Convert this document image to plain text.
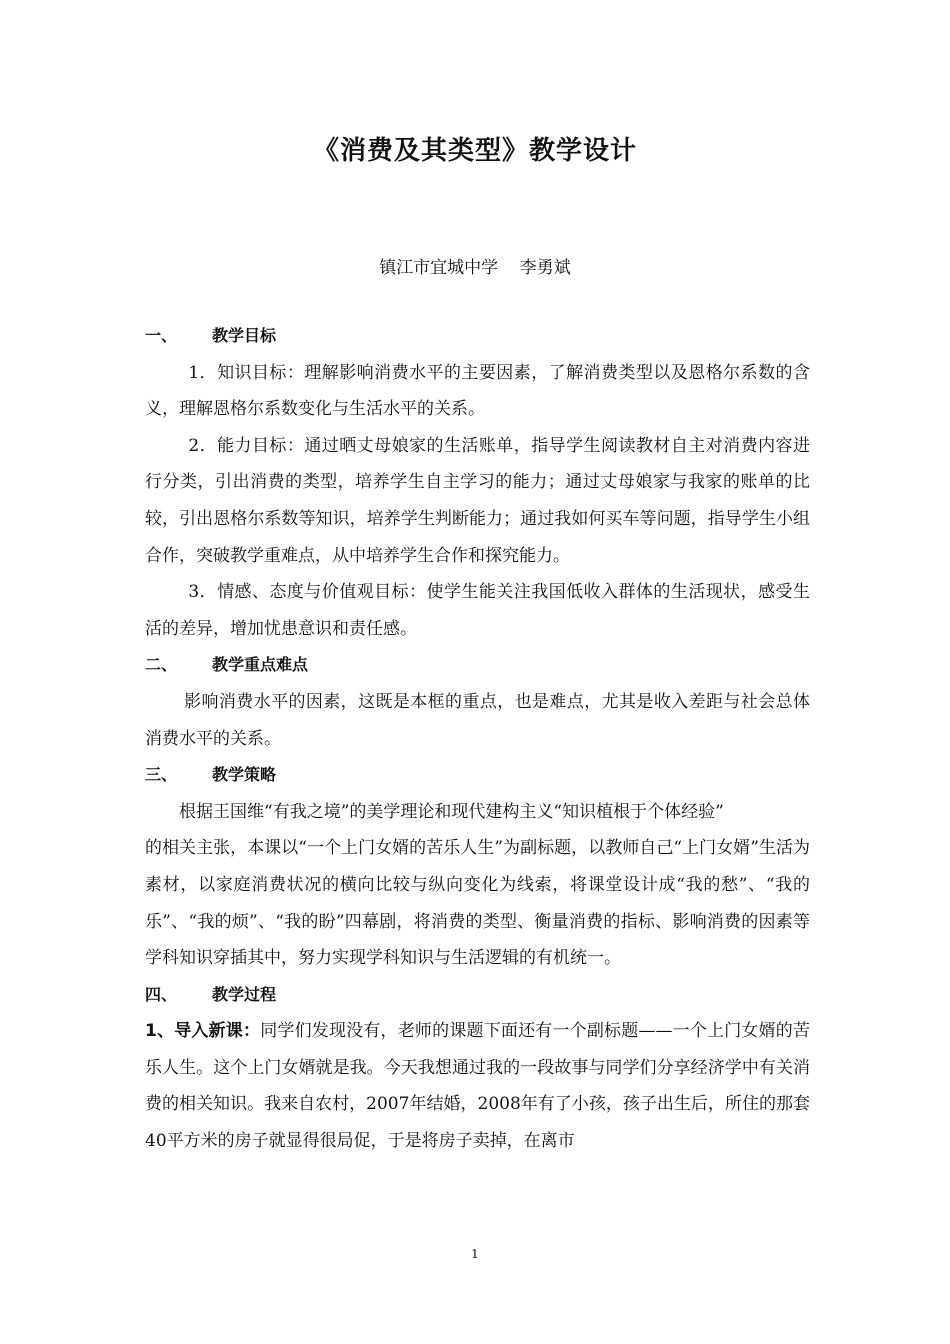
《消费及其类型》教学设计
镇江市宜城中学    李勇斌
一、 教学目标

1．知识目标：理解影响消费水平的主要因素，了解消费类型以及恩格尔系数的含义，理解恩格尔系数变化与生活水平的关系。

2．能力目标：通过晒丈母娘家的生活账单，指导学生阅读教材自主对消费内容进行分类，引出消费的类型，培养学生自主学习的能力；通过丈母娘家与我家的账单的比较，引出恩格尔系数等知识，培养学生判断能力；通过我如何买车等问题，指导学生小组合作，突破教学重难点，从中培养学生合作和探究能力。

3．情感、态度与价值观目标：使学生能关注我国低收入群体的生活现状，感受生活的差异，增加忧患意识和责任感。

二、 教学重点难点

影响消费水平的因素，这既是本框的重点，也是难点，尤其是收入差距与社会总体消费水平的关系。

三、 教学策略

根据王国维“有我之境”的美学理论和现代建构主义“知识植根于个体经验”

的相关主张，本课以“一个上门女婿的苦乐人生”为副标题，以教师自己“上门女婿”生活为素材，以家庭消费状况的横向比较与纵向变化为线索，将课堂设计成“我的愁”、“我的乐”、“我的烦”、“我的盼”四幕剧，将消费的类型、衡量消费的指标、影响消费的因素等学科知识穿插其中，努力实现学科知识与生活逻辑的有机统一。

四、 教学过程

1、导入新课：同学们发现没有，老师的课题下面还有一个副标题——一个上门女婿的苦乐人生。这个上门女婿就是我。今天我想通过我的一段故事与同学们分享经济学中有关消费的相关知识。我来自农村，2007年结婚，2008年有了小孩，孩子出生后，所住的那套40平方米的房子就显得很局促，于是将房子卖掉，在离市

1
